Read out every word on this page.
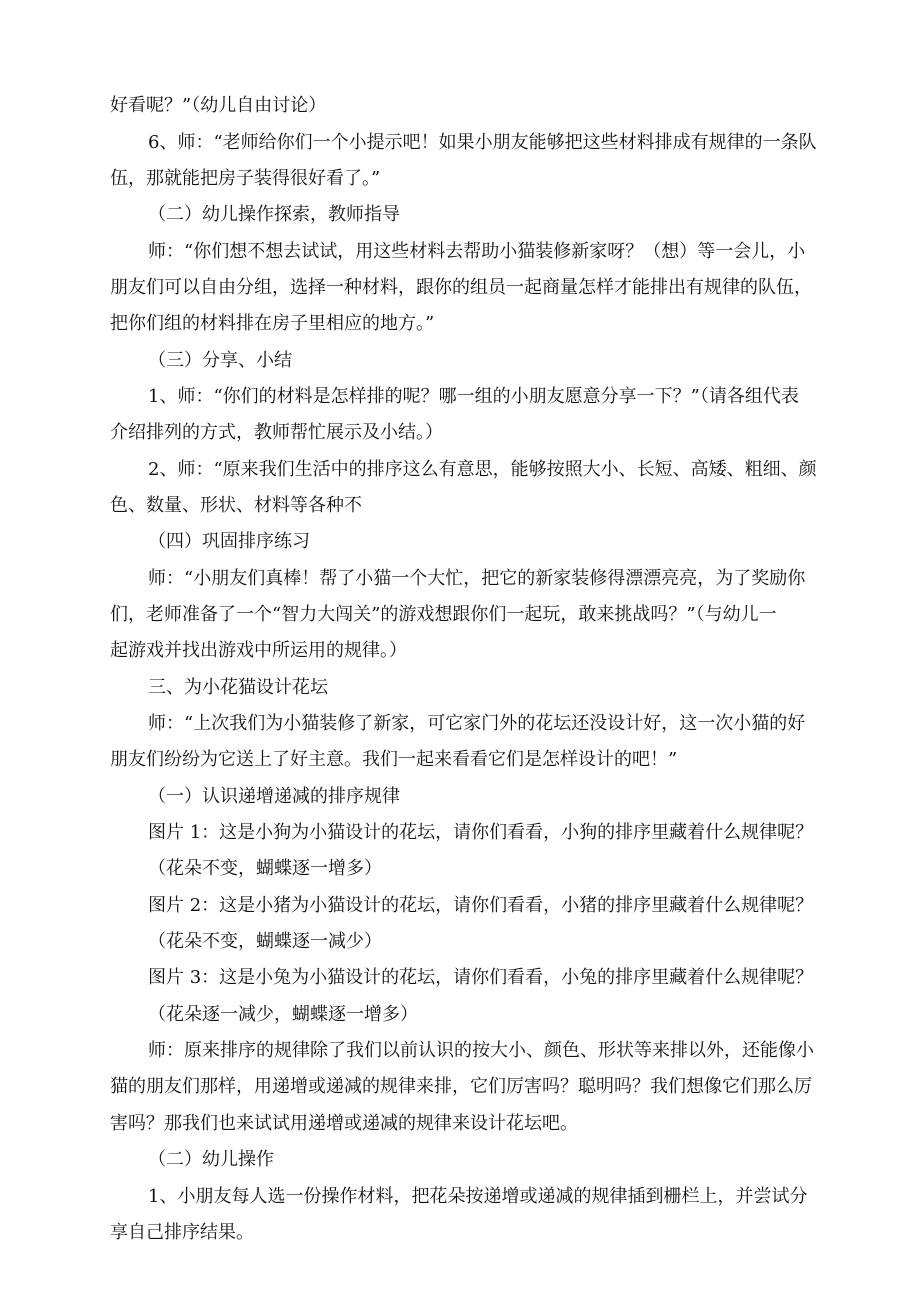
好看呢？”（幼儿自由讨论）
6、师：“老师给你们一个小提示吧！如果小朋友能够把这些材料排成有规律的一条队
伍，那就能把房子装得很好看了。”
（二）幼儿操作探索，教师指导
师：“你们想不想去试试，用这些材料去帮助小猫装修新家呀？（想）等一会儿，小
朋友们可以自由分组，选择一种材料，跟你的组员一起商量怎样才能排出有规律的队伍，
把你们组的材料排在房子里相应的地方。”
（三）分享、小结
1、师：“你们的材料是怎样排的呢？哪一组的小朋友愿意分享一下？”（请各组代表
介绍排列的方式，教师帮忙展示及小结。）
2、师：“原来我们生活中的排序这么有意思，能够按照大小、长短、高矮、粗细、颜
色、数量、形状、材料等各种不
（四）巩固排序练习
师：“小朋友们真棒！帮了小猫一个大忙，把它的新家装修得漂漂亮亮，为了奖励你
们，老师准备了一个“智力大闯关”的游戏想跟你们一起玩，敢来挑战吗？”（与幼儿一
起游戏并找出游戏中所运用的规律。）
三、为小花猫设计花坛
师：“上次我们为小猫装修了新家，可它家门外的花坛还没设计好，这一次小猫的好
朋友们纷纷为它送上了好主意。我们一起来看看它们是怎样设计的吧！”
（一）认识递增递减的排序规律
图片 1：这是小狗为小猫设计的花坛，请你们看看，小狗的排序里藏着什么规律呢？
（花朵不变，蝴蝶逐一增多）
图片 2：这是小猪为小猫设计的花坛，请你们看看，小猪的排序里藏着什么规律呢？
（花朵不变，蝴蝶逐一减少）
图片 3：这是小兔为小猫设计的花坛，请你们看看，小兔的排序里藏着什么规律呢？
（花朵逐一减少，蝴蝶逐一增多）
师：原来排序的规律除了我们以前认识的按大小、颜色、形状等来排以外，还能像小
猫的朋友们那样，用递增或递减的规律来排，它们厉害吗？聪明吗？我们想像它们那么厉
害吗？那我们也来试试用递增或递减的规律来设计花坛吧。
（二）幼儿操作
1、小朋友每人选一份操作材料，把花朵按递增或递减的规律插到栅栏上，并尝试分
享自己排序结果。
